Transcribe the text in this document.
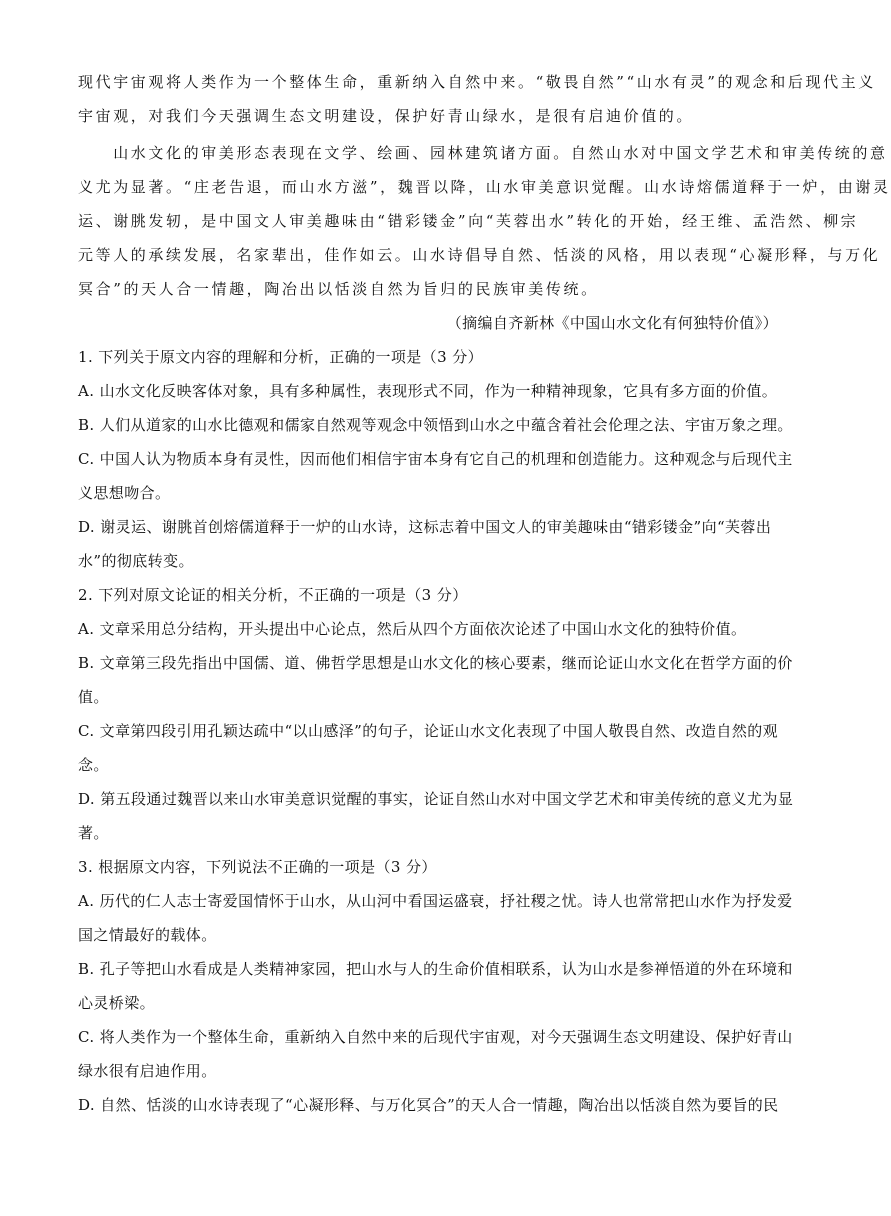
现代宇宙观将人类作为一个整体生命，重新纳入自然中来。“敬畏自然”“山水有灵”的观念和后现代主义
宇宙观，对我们今天强调生态文明建设，保护好青山绿水，是很有启迪价值的。
　　山水文化的审美形态表现在文学、绘画、园林建筑诸方面。自然山水对中国文学艺术和审美传统的意
义尤为显著。“庄老告退，而山水方滋”，魏晋以降，山水审美意识觉醒。山水诗熔儒道释于一炉，由谢灵
运、谢朓发轫，是中国文人审美趣味由“错彩镂金”向“芙蓉出水”转化的开始，经王维、孟浩然、柳宗
元等人的承续发展，名家辈出，佳作如云。山水诗倡导自然、恬淡的风格，用以表现“心凝形释，与万化
冥合”的天人合一情趣，陶冶出以恬淡自然为旨归的民族审美传统。
（摘编自齐新林《中国山水文化有何独特价值》）
1. 下列关于原文内容的理解和分析，正确的一项是（3 分）
A. 山水文化反映客体对象，具有多种属性，表现形式不同，作为一种精神现象，它具有多方面的价值。
B. 人们从道家的山水比德观和儒家自然观等观念中领悟到山水之中蕴含着社会伦理之法、宇宙万象之理。
C. 中国人认为物质本身有灵性，因而他们相信宇宙本身有它自己的机理和创造能力。这种观念与后现代主
义思想吻合。
D. 谢灵运、谢朓首创熔儒道释于一炉的山水诗，这标志着中国文人的审美趣味由“错彩镂金”向“芙蓉出
水”的彻底转变。
2. 下列对原文论证的相关分析，不正确的一项是（3 分）
A. 文章采用总分结构，开头提出中心论点，然后从四个方面依次论述了中国山水文化的独特价值。
B. 文章第三段先指出中国儒、道、佛哲学思想是山水文化的核心要素，继而论证山水文化在哲学方面的价
值。
C. 文章第四段引用孔颖达疏中“以山感泽”的句子，论证山水文化表现了中国人敬畏自然、改造自然的观
念。
D. 第五段通过魏晋以来山水审美意识觉醒的事实，论证自然山水对中国文学艺术和审美传统的意义尤为显
著。
3. 根据原文内容，下列说法不正确的一项是（3 分）
A. 历代的仁人志士寄爱国情怀于山水，从山河中看国运盛衰，抒社稷之忧。诗人也常常把山水作为抒发爱
国之情最好的载体。
B. 孔子等把山水看成是人类精神家园，把山水与人的生命价值相联系，认为山水是参禅悟道的外在环境和
心灵桥梁。
C. 将人类作为一个整体生命，重新纳入自然中来的后现代宇宙观，对今天强调生态文明建设、保护好青山
绿水很有启迪作用。
D. 自然、恬淡的山水诗表现了“心凝形释、与万化冥合”的天人合一情趣，陶冶出以恬淡自然为要旨的民
